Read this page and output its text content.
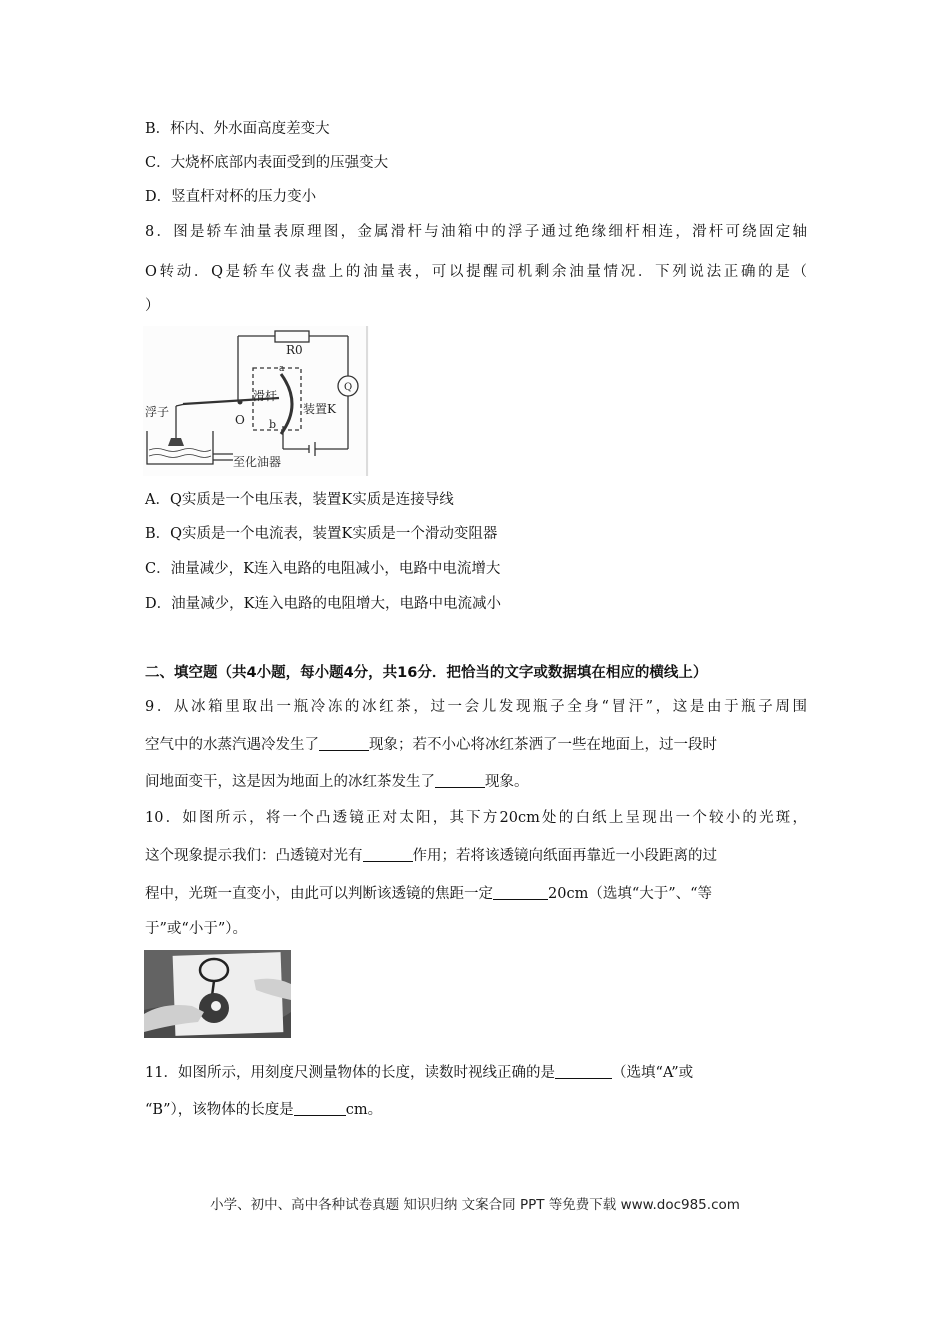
B．杯内、外水面高度差变大
C．大烧杯底部内表面受到的压强变大
D．竖直杆对杯的压力变小
8．图是轿车油量表原理图，金属滑杆与油箱中的浮子通过绝缘细杆相连，滑杆可绕固定轴
O转动．Q是轿车仪表盘上的油量表，可以提醒司机剩余油量情况．下列说法正确的是（
）
R0
Q
浮子
O
滑杆
装置K
a
b
至化油器
A．Q实质是一个电压表，装置K实质是连接导线
B．Q实质是一个电流表，装置K实质是一个滑动变阻器
C．油量减少，K连入电路的电阻减小，电路中电流增大
D．油量减少，K连入电路的电阻增大，电路中电流减小
二、填空题（共4小题，每小题4分，共16分．把恰当的文字或数据填在相应的横线上）
9．从冰箱里取出一瓶冷冻的冰红茶，过一会儿发现瓶子全身“冒汗”，这是由于瓶子周围
空气中的水蒸汽遇冷发生了	现象；若不小心将冰红茶洒了一些在地面上，过一段时
间地面变干，这是因为地面上的冰红茶发生了	现象。
10．如图所示，将一个凸透镜正对太阳，其下方20cm处的白纸上呈现出一个较小的光斑，
这个现象提示我们：凸透镜对光有	作用；若将该透镜向纸面再靠近一小段距离的过
程中，光斑一直变小，由此可以判断该透镜的焦距一定	20cm（选填“大于”、“等
于”或“小于”）。
11．如图所示，用刻度尺测量物体的长度，读数时视线正确的是	（选填“A”或
“B”），该物体的长度是	cm。
小学、初中、高中各种试卷真题 知识归纳 文案合同 PPT 等免费下载 www.doc985.com
